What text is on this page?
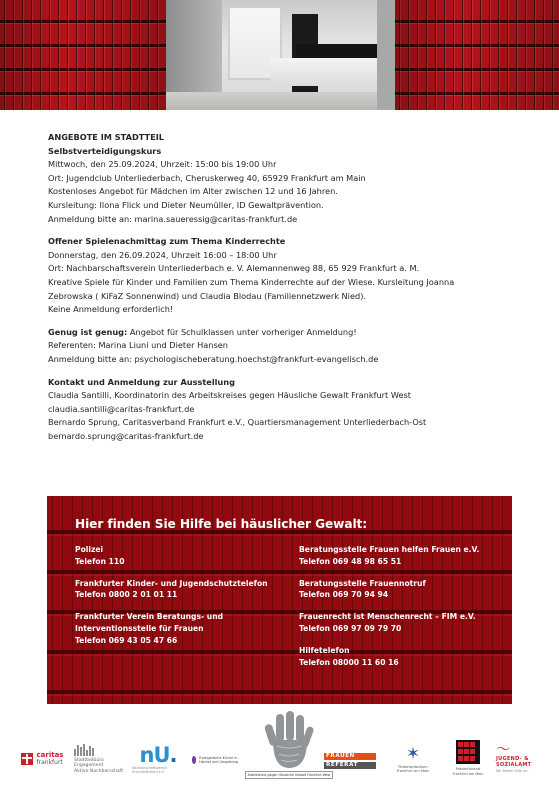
ANGEBOTE IM STADTTEIL

Selbstverteidigungskurs

Mittwoch, den 25.09.2024, Uhrzeit: 15:00 bis 19:00 Uhr

Ort: Jugendclub Unterliederbach, Cheruskerweg 40, 65929 Frankfurt am Main

Kostenloses Angebot für Mädchen im Alter zwischen 12 und 16 Jahren.

Kursleitung: Ilona Flick und Dieter Neumüller, ID Gewaltprävention.

Anmeldung bitte an: marina.saueressig@caritas-frankfurt.de

Offener Spielenachmittag zum Thema Kinderrechte

Donnerstag, den 26.09.2024, Uhrzeit 16:00 – 18:00 Uhr

Ort: Nachbarschaftsverein Unterliederbach e. V. Alemannenweg 88, 65 929 Frankfurt a. M.

Kreative Spiele für Kinder und Familien zum Thema Kinderrechte auf der Wiese. Kursleitung Joanna

Zebrowska ( KiFaZ Sonnenwind) und Claudia Blodau (Familiennetzwerk Nied).

Keine Anmeldung erforderlich!

Genug ist genug: Angebot für Schulklassen unter vorheriger Anmeldung!

Referenten: Marina Liuni und Dieter Hansen

Anmeldung bitte an: psychologischeberatung.hoechst@frankfurt-evangelisch.de

Kontakt und Anmeldung zur Ausstellung

Claudia Santilli, Koordinatorin des Arbeitskreises gegen Häusliche Gewalt Frankfurt West

claudia.santilli@caritas-frankfurt.de

Bernardo Sprung, Caritasverband Frankfurt e.V., Quartiersmanagement Unterliederbach-Ost

bernardo.sprung@caritas-frankfurt.de

Hier finden Sie Hilfe bei häuslicher Gewalt:
Polizei
Telefon 110
Frankfurter Kinder- und Jugendschutztelefon
Telefon 0800 2 01 01 11
Frankfurter Verein Beratungs- und
Interventionsstelle für Frauen
Telefon 069 43 05 47 66
Beratungsstelle Frauen helfen Frauen e.V.
Telefon 069 48 98 65 51
Beratungsstelle Frauennotruf
Telefon 069 70 94 94
Frauenrecht ist Menschenrecht – FIM e.V.
Telefon 069 97 09 79 70
Hilfetelefon
Telefon 08000 11 60 16
caritas
frankfurt Stadtteilbüro Engagement
Aktive Nachbarschaft
nU.
Nachbarschaftsverein Unterliederbach e.V.
Evangelische Kirche in Höchst und Umgebung
Arbeitskreis gegen Häusliche Gewalt Frankfurt West
FRAUEN
REFERAT
✶
Polizeipräsidium Frankfurt am Main	Präventionsrat Frankfurt am Main
〜
JUGEND- &
SOZIALAMT
Wir bieten Hilfe an.
